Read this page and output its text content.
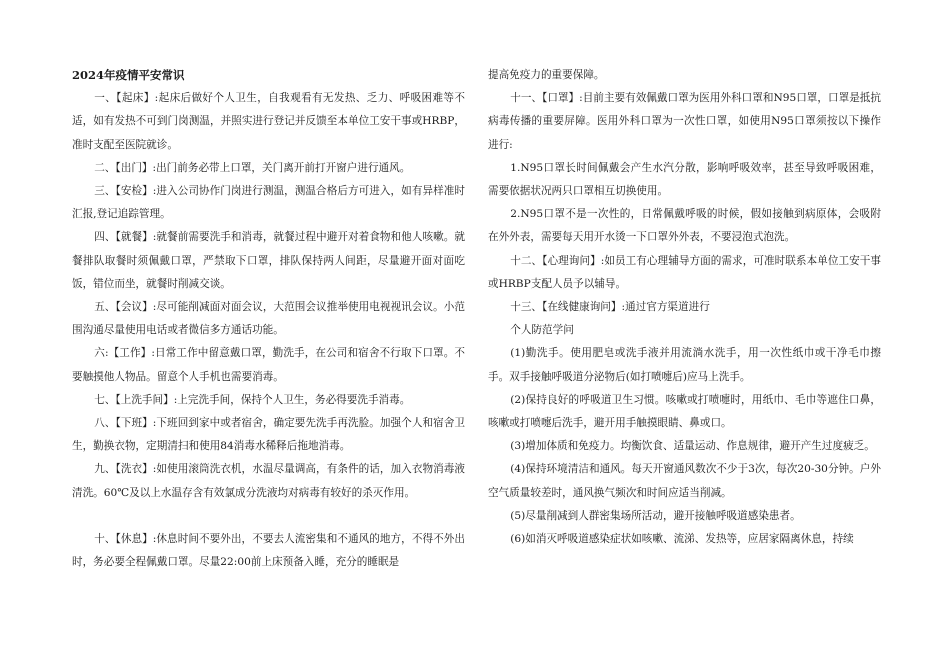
2024年疫情平安常识

一、【起床】:起床后做好个人卫生，自我观看有无发热、乏力、呼吸困难等不适，如有发热不可到门岗测温，并照实进行登记并反馈至本单位工安干事或HRBP，准时支配至医院就诊。

二、【出门】:出门前务必带上口罩，关门离开前打开窗户进行通风。

三、【安检】:进入公司协作门岗进行测温，测温合格后方可进入，如有异样准时汇报,登记追踪管理。

四、【就餐】:就餐前需要洗手和消毒，就餐过程中避开对着食物和他人咳嗽。就餐排队取餐时须佩戴口罩，严禁取下口罩，排队保持两人间距，尽量避开面对面吃饭，错位而坐，就餐时削减交谈。

五、【会议】:尽可能削减面对面会议，大范围会议推举使用电视视讯会议。小范围沟通尽量使用电话或者微信多方通话功能。

六:【工作】:日常工作中留意戴口罩，勤洗手，在公司和宿舍不行取下口罩。不要触摸他人物品。留意个人手机也需要消毒。

七、【上洗手间】:上完洗手间，保持个人卫生，务必得要洗手消毒。

八、【下班】:下班回到家中或者宿舍，确定要先洗手再洗脸。加强个人和宿舍卫生，勤换衣物，定期清扫和使用84消毒水稀释后拖地消毒。

九、【洗衣】:如使用滚筒洗衣机，水温尽量调高，有条件的话，加入衣物消毒液清洗。60℃及以上水温存含有效氯成分洗液均对病毒有较好的杀灭作用。

十、【休息】:休息时间不要外出，不要去人流密集和不通风的地方，不得不外出时，务必要全程佩戴口罩。尽量22:00前上床预备入睡，充分的睡眠是

提高免疫力的重要保障。

十一、【口罩】:目前主要有效佩戴口罩为医用外科口罩和N95口罩，口罩是抵抗病毒传播的重要屏障。医用外科口罩为一次性口罩，如使用N95口罩须按以下操作进行:

1.N95口罩长时间佩戴会产生水汽分散，影响呼吸效率，甚至导致呼吸困难，需要依据状况两只口罩相互切换使用。

2.N95口罩不是一次性的，日常佩戴呼吸的时候，假如接触到病原体，会吸附在外外表，需要每天用开水烫一下口罩外外表，不要浸泡式泡洗。

十二、【心理询问】:如员工有心理辅导方面的需求，可准时联系本单位工安干事或HRBP支配人员予以辅导。

十三、【在线健康询问】:通过官方渠道进行

个人防范学问

(1)勤洗手。使用肥皂或洗手液并用流淌水洗手，用一次性纸巾或干净毛巾擦手。双手接触呼吸道分泌物后(如打喷嚏后)应马上洗手。

(2)保持良好的呼吸道卫生习惯。咳嗽或打喷嚏时，用纸巾、毛巾等遮住口鼻，咳嗽或打喷嚏后洗手，避开用手触摸眼睛、鼻或口。

(3)增加体质和免疫力。均衡饮食、适量运动、作息规律，避开产生过度疲乏。

(4)保持环境清洁和通风。每天开窗通风数次不少于3次，每次20-30分钟。户外空气质量较差时，通风换气频次和时间应适当削减。

(5)尽量削减到人群密集场所活动，避开接触呼吸道感染患者。

(6)如消灭呼吸道感染症状如咳嗽、流涕、发热等，应居家隔离休息，持续
